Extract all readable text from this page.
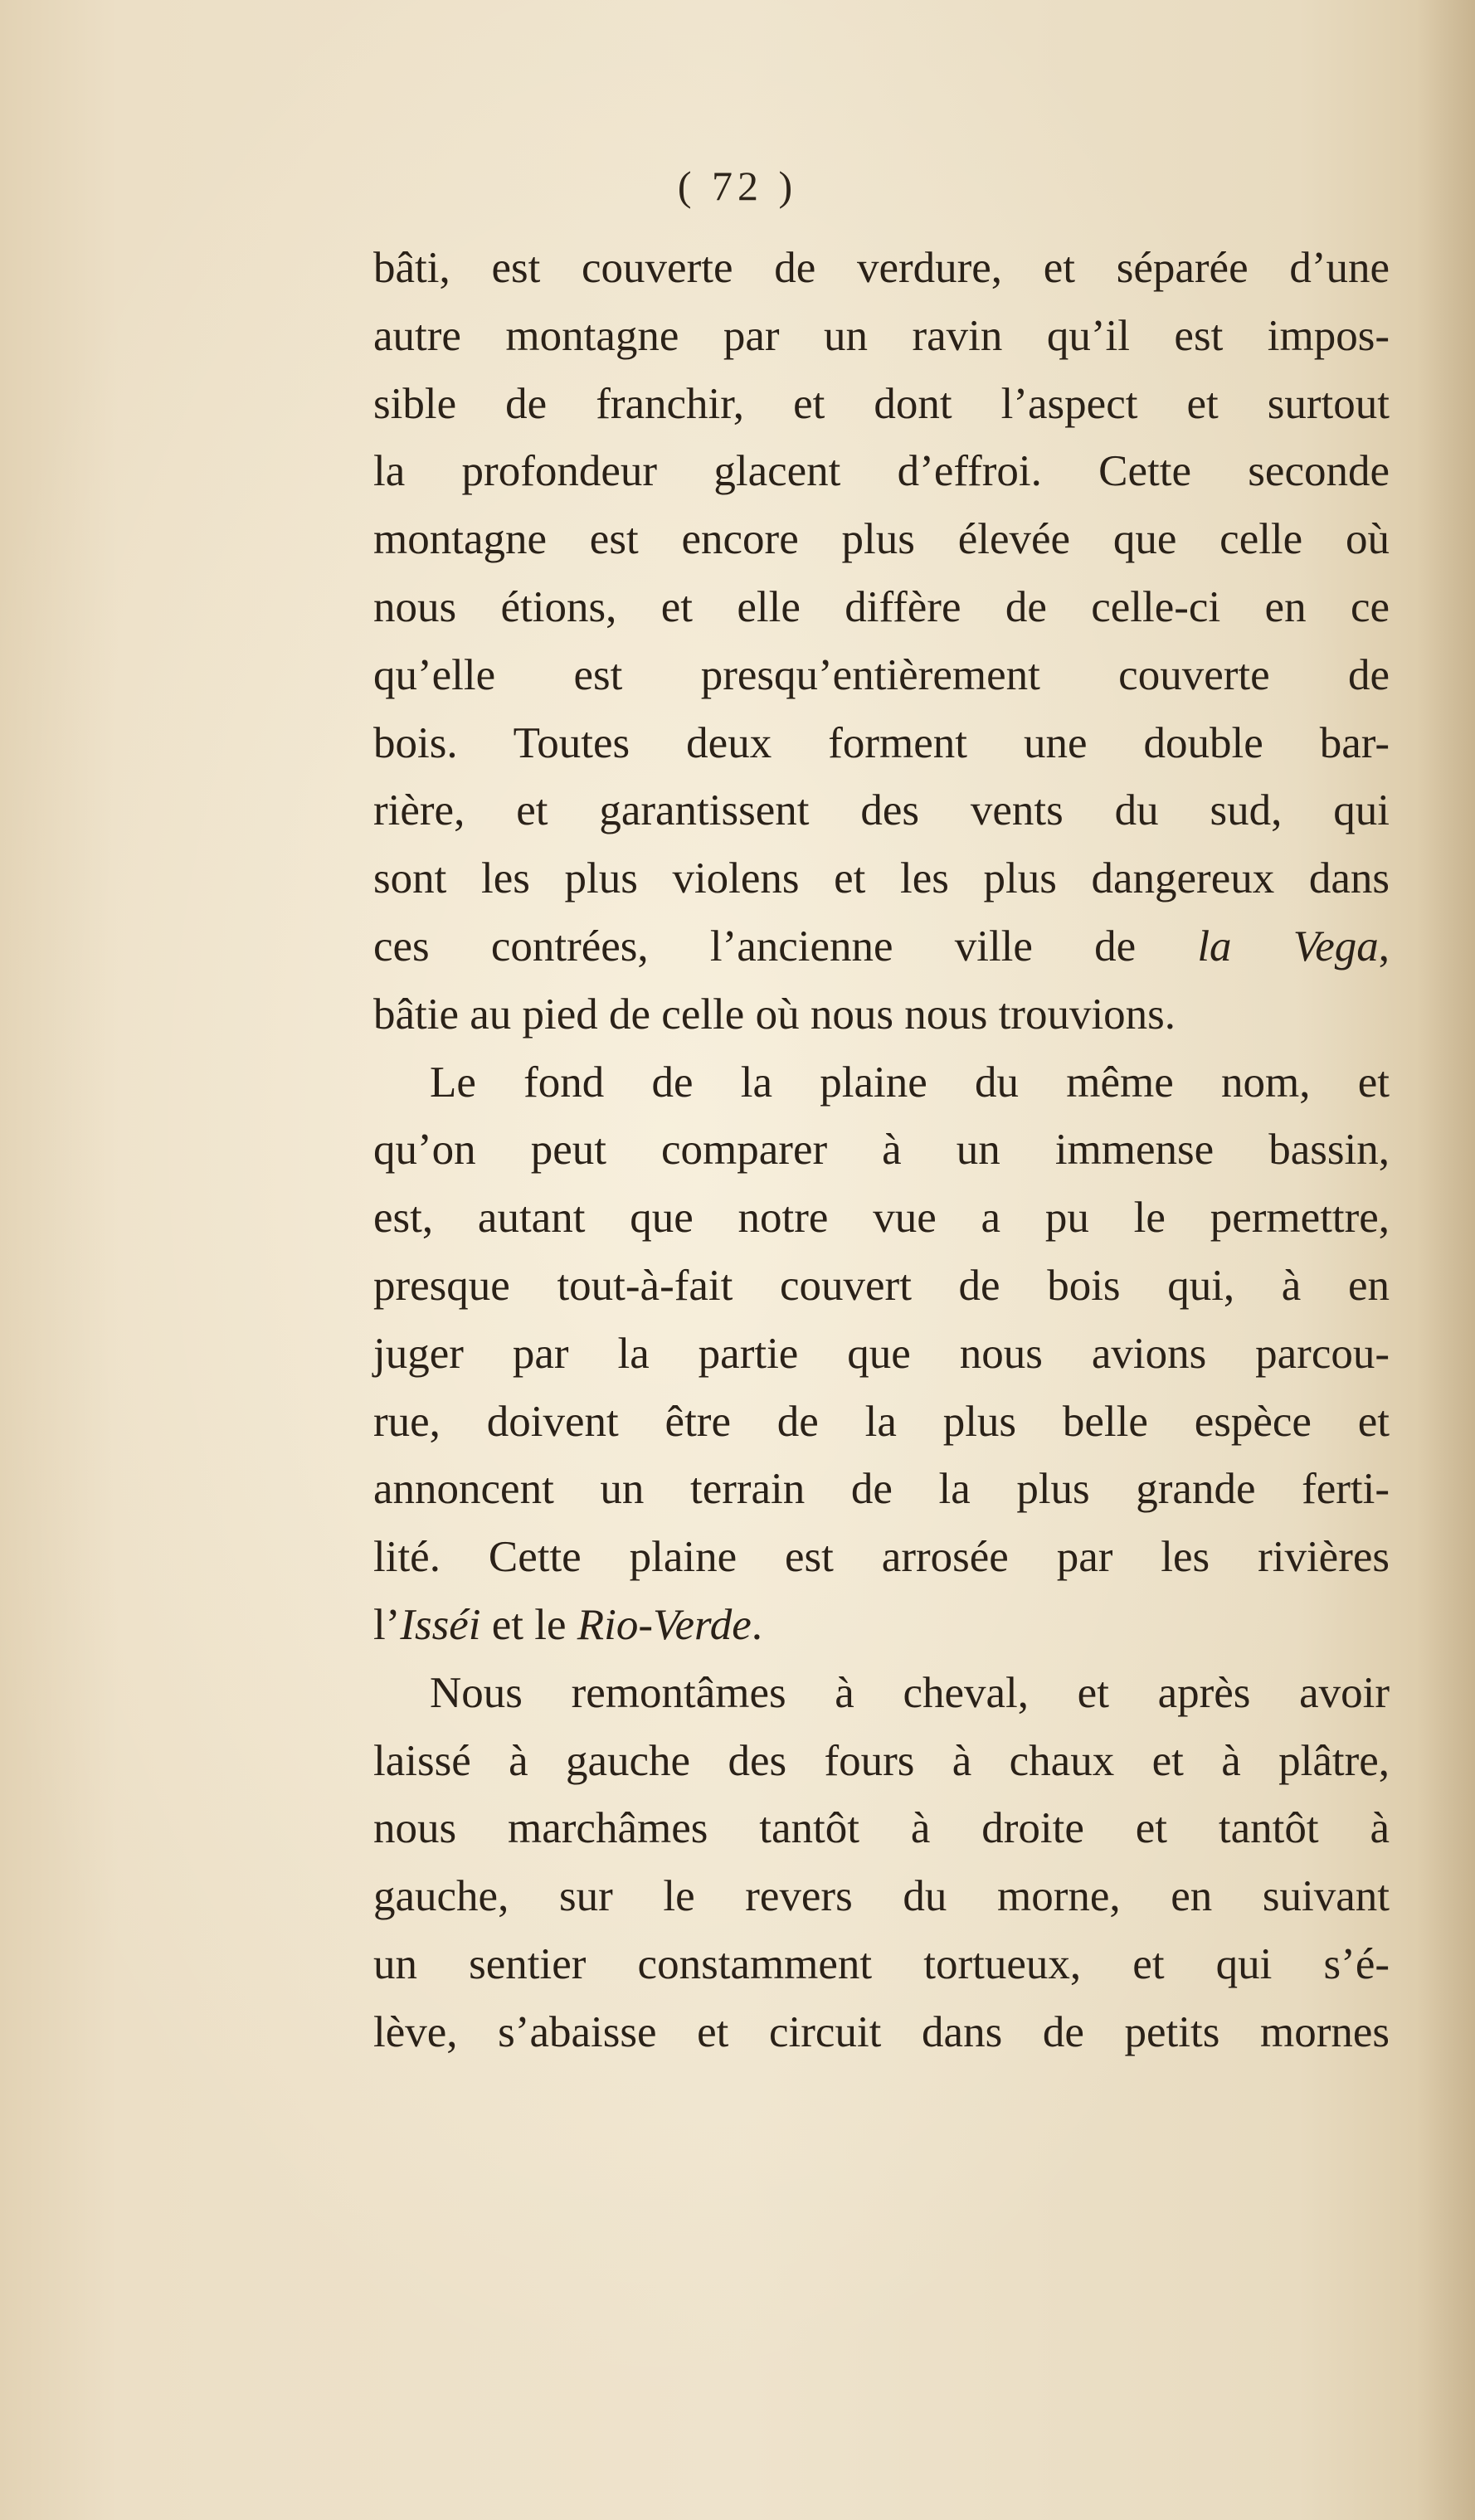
( 72 )
bâti, est couverte de verdure, et séparée d’une
autre montagne par un ravin qu’il est impos-
sible de franchir, et dont l’aspect et surtout
la profondeur glacent d’effroi. Cette seconde
montagne est encore plus élevée que celle où
nous étions, et elle diffère de celle-ci en ce
qu’elle est presqu’entièrement couverte de
bois. Toutes deux forment une double bar-
rière, et garantissent des vents du sud, qui
sont les plus violens et les plus dangereux dans
ces contrées, l’ancienne ville de la Vega,
bâtie au pied de celle où nous nous trouvions.
Le fond de la plaine du même nom, et
qu’on peut comparer à un immense bassin,
est, autant que notre vue a pu le permettre,
presque tout-à-fait couvert de bois qui, à en
juger par la partie que nous avions parcou-
rue, doivent être de la plus belle espèce et
annoncent un terrain de la plus grande ferti-
lité. Cette plaine est arrosée par les rivières
l’Isséi et le Rio-Verde.
Nous remontâmes à cheval, et après avoir
laissé à gauche des fours à chaux et à plâtre,
nous marchâmes tantôt à droite et tantôt à
gauche, sur le revers du morne, en suivant
un sentier constamment tortueux, et qui s’é-
lève, s’abaisse et circuit dans de petits mornes
